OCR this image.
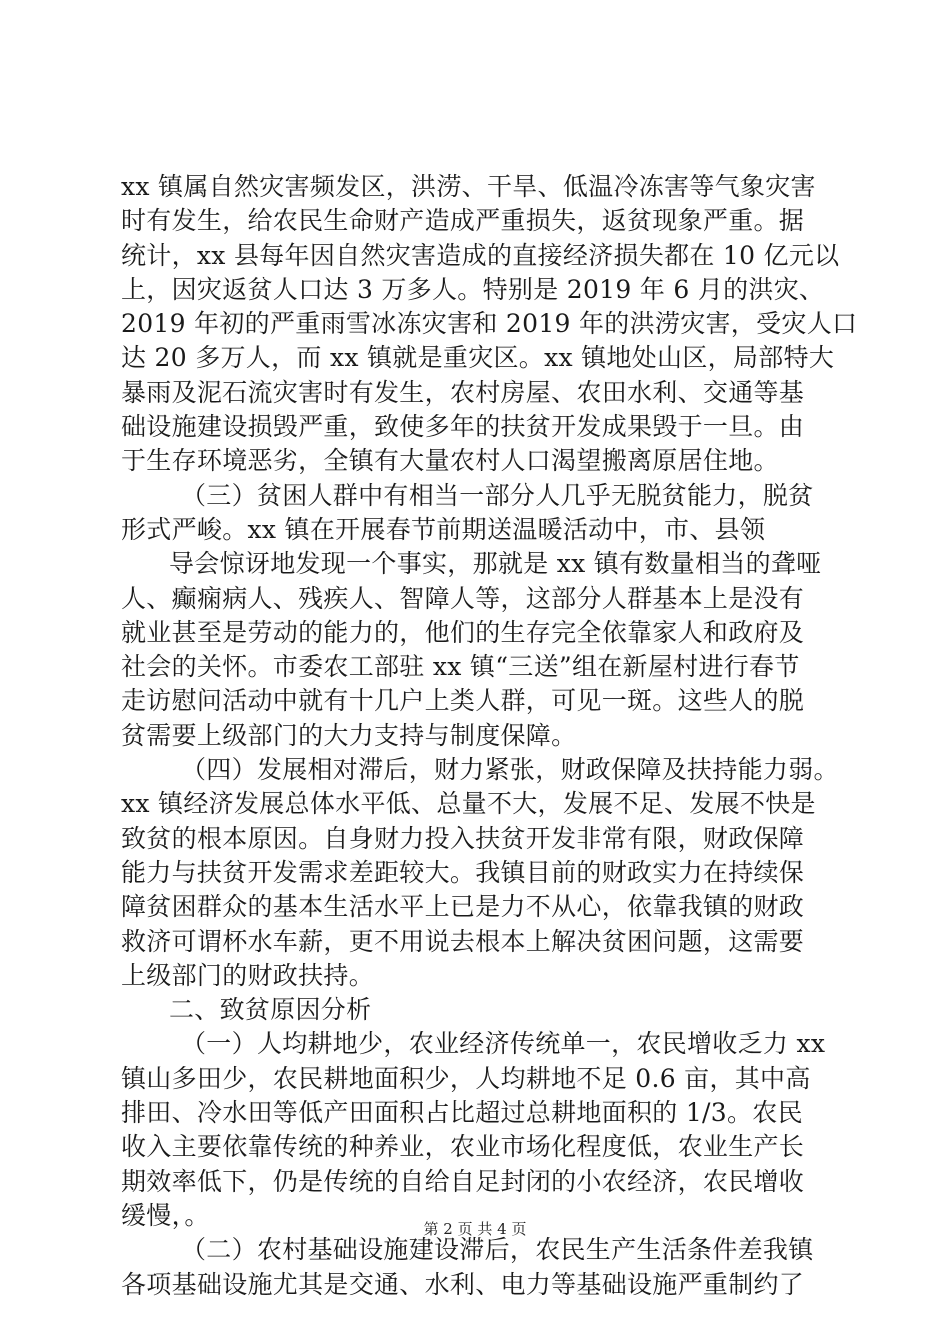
xx 镇属自然灾害频发区，洪涝、干旱、低温冷冻害等气象灾害
时有发生，给农民生命财产造成严重损失，返贫现象严重。据
统计，xx 县每年因自然灾害造成的直接经济损失都在 10 亿元以
上，因灾返贫人口达 3 万多人。特别是 2019 年 6 月的洪灾、
2019 年初的严重雨雪冰冻灾害和 2019 年的洪涝灾害，受灾人口
达 20 多万人，而 xx 镇就是重灾区。xx 镇地处山区，局部特大
暴雨及泥石流灾害时有发生，农村房屋、农田水利、交通等基
础设施建设损毁严重，致使多年的扶贫开发成果毁于一旦。由
于生存环境恶劣，全镇有大量农村人口渴望搬离原居住地。
（三）贫困人群中有相当一部分人几乎无脱贫能力，脱贫
形式严峻。xx 镇在开展春节前期送温暖活动中，市、县领
导会惊讶地发现一个事实，那就是 xx 镇有数量相当的聋哑
人、癫痫病人、残疾人、智障人等，这部分人群基本上是没有
就业甚至是劳动的能力的，他们的生存完全依靠家人和政府及
社会的关怀。市委农工部驻 xx 镇“三送”组在新屋村进行春节
走访慰问活动中就有十几户上类人群，可见一斑。这些人的脱
贫需要上级部门的大力支持与制度保障。
（四）发展相对滞后，财力紧张，财政保障及扶持能力弱。
xx 镇经济发展总体水平低、总量不大，发展不足、发展不快是
致贫的根本原因。自身财力投入扶贫开发非常有限，财政保障
能力与扶贫开发需求差距较大。我镇目前的财政实力在持续保
障贫困群众的基本生活水平上已是力不从心，依靠我镇的财政
救济可谓杯水车薪，更不用说去根本上解决贫困问题，这需要
上级部门的财政扶持。
二、致贫原因分析
（一）人均耕地少，农业经济传统单一，农民增收乏力 xx
镇山多田少，农民耕地面积少，人均耕地不足 0.6 亩，其中高
排田、冷水田等低产田面积占比超过总耕地面积的 1/3。农民
收入主要依靠传统的种养业，农业市场化程度低，农业生产长
期效率低下，仍是传统的自给自足封闭的小农经济，农民增收
缓慢，。
（二）农村基础设施建设滞后，农民生产生活条件差我镇
各项基础设施尤其是交通、水利、电力等基础设施严重制约了
第 2 页 共 4 页
